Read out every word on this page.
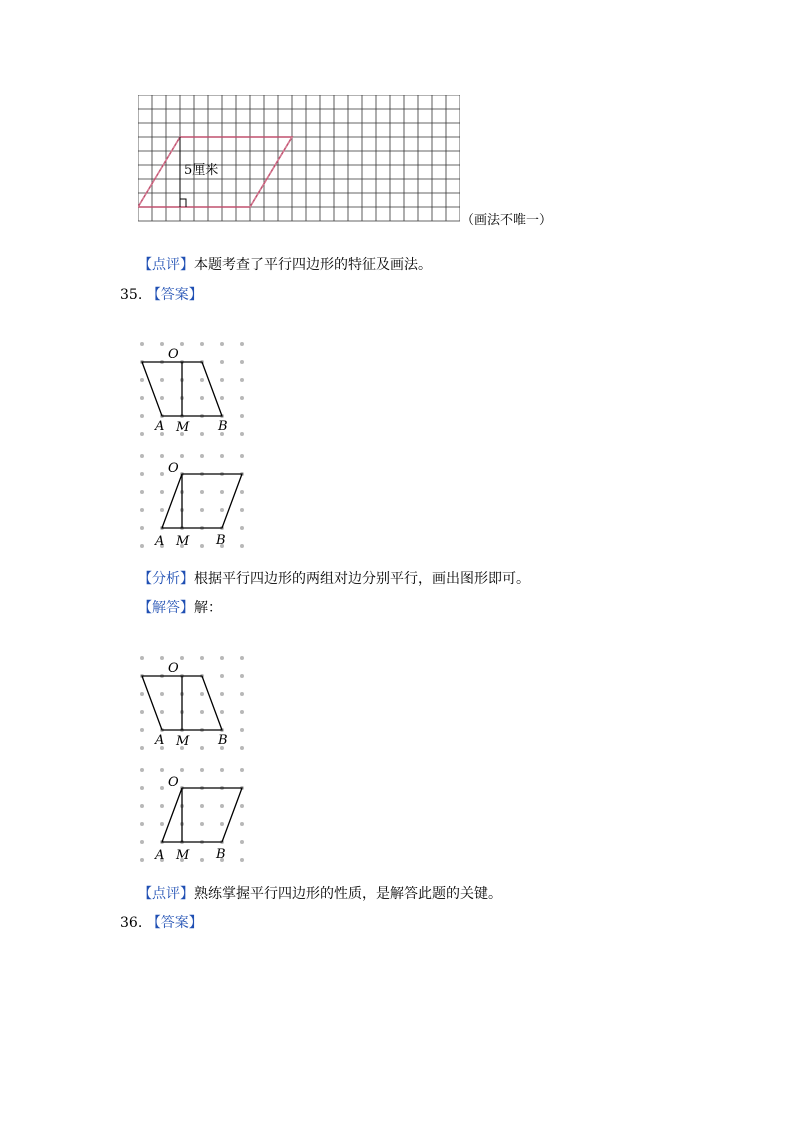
5厘米
（画法不唯一）
【点评】本题考查了平行四边形的特征及画法。
35. 【答案】
O
A M B
O
A M B
【分析】根据平行四边形的两组对边分别平行，画出图形即可。
【解答】解：
O
A M B
O
A M B
【点评】熟练掌握平行四边形的性质，是解答此题的关键。
36. 【答案】
